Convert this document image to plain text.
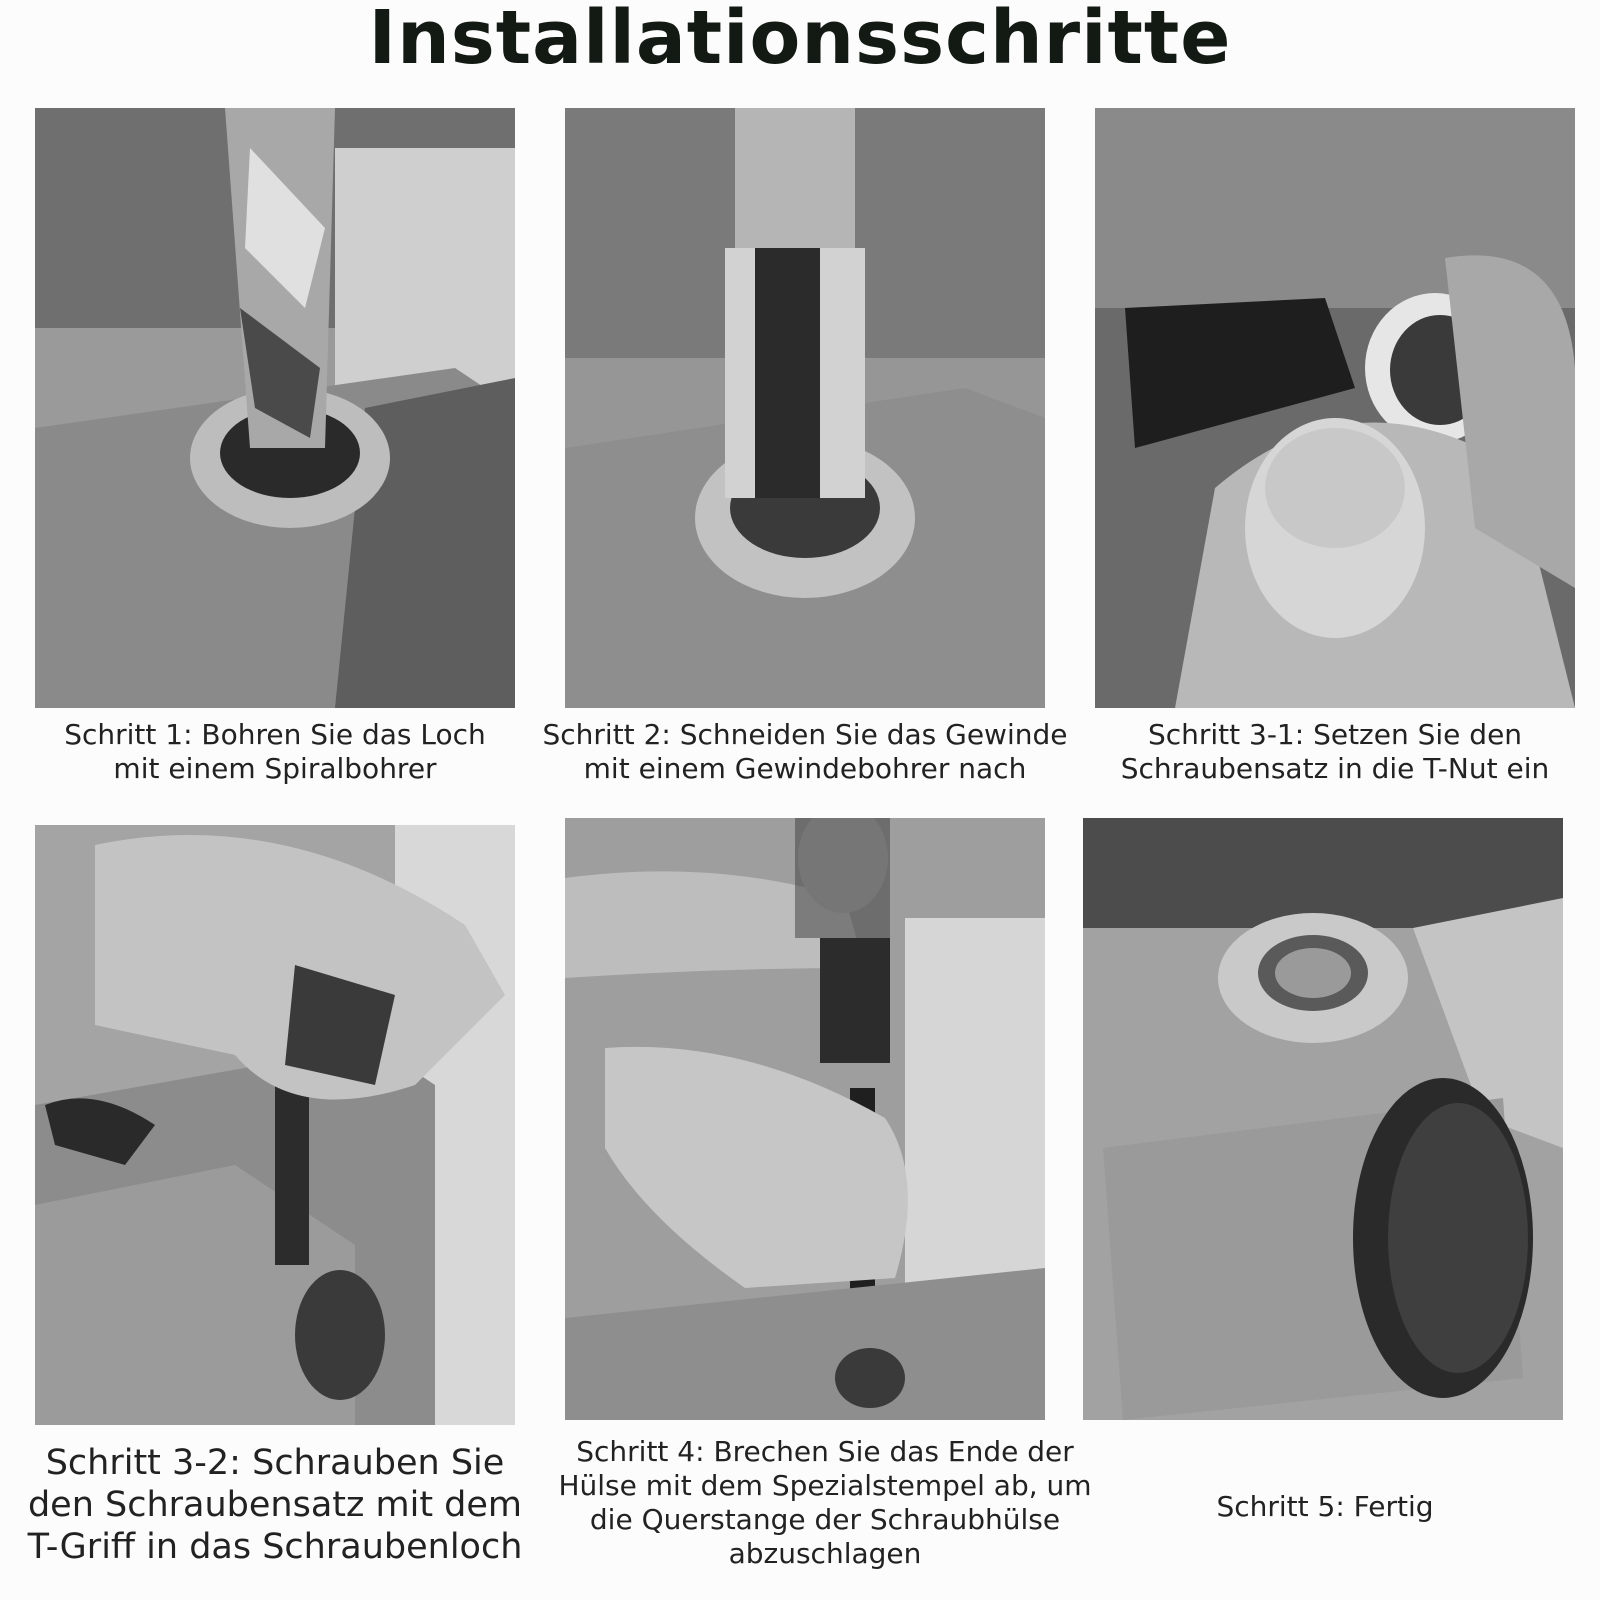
Installationsschritte
Schritt 1: Bohren Sie das Loch mit einem Spiralbohrer
Schritt 2: Schneiden Sie das Gewinde mit einem Gewindebohrer nach
Schritt 3-1: Setzen Sie den Schraubensatz in die T-Nut ein
Schritt 3-2: Schrauben Sie den Schraubensatz mit dem T-Griff in das Schraubenloch
Schritt 4: Brechen Sie das Ende der Hülse mit dem Spezialstempel ab, um die Querstange der Schraubhülse abzuschlagen
Schritt 5: Fertig
